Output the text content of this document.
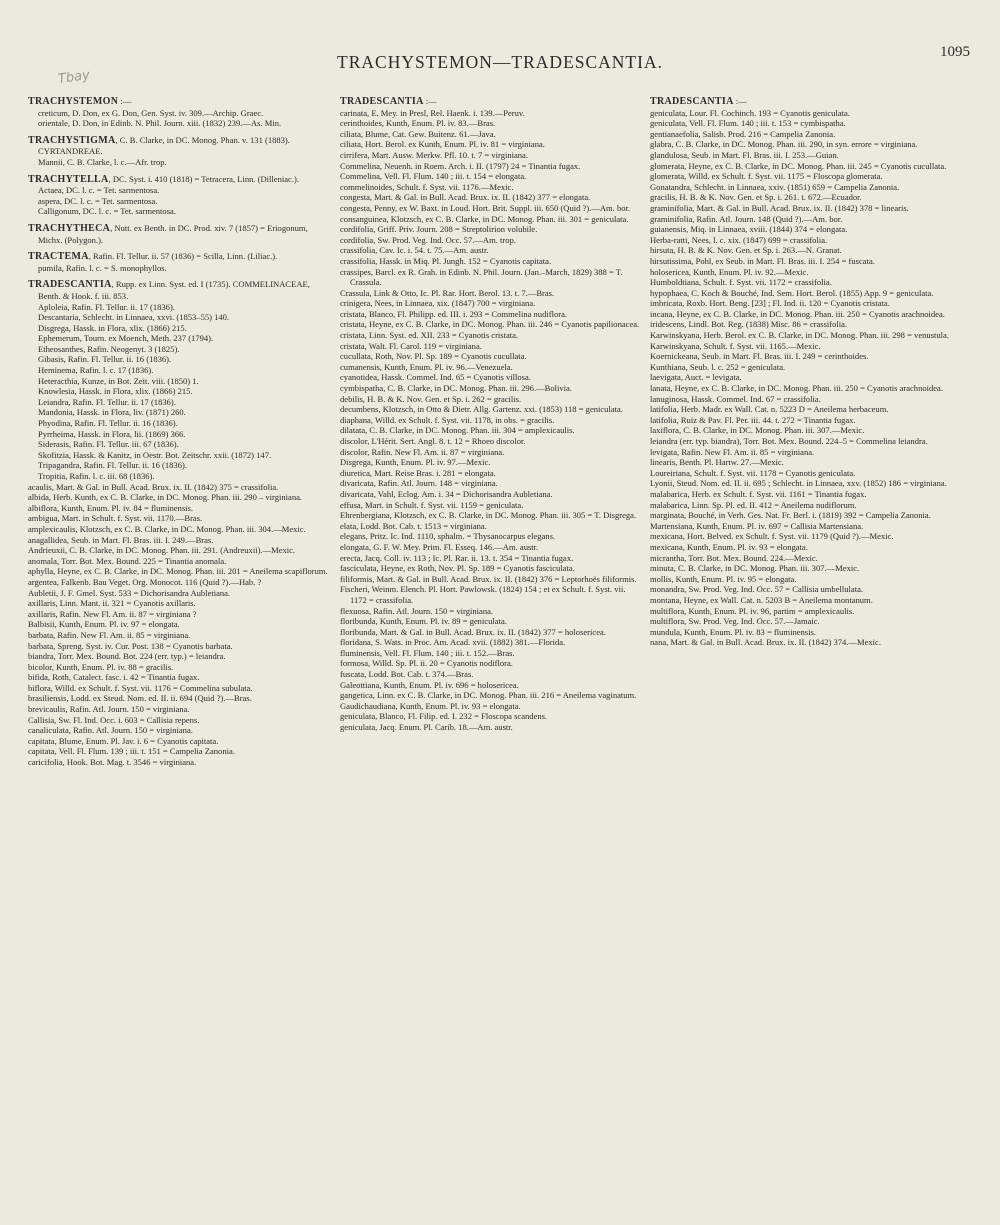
TRACHYSTEMON—TRADESCANTIA.	1095
Tbay

TRACHYSTEMON :—

creticum, D. Don, ex G. Don, Gen. Syst. iv. 309.—Archip. Graec.

orientale, D. Don, in Edinb. N. Phil. Journ. xiii. (1832) 239.—As. Min.

TRACHYSTIGMA, C. B. Clarke, in DC. Monog. Phan. v. 131 (1883). CYRTANDREAE.

Mannii, C. B. Clarke, l. c.—Afr. trop.

TRACHYTELLA, DC. Syst. i. 410 (1818) = Tetracera, Linn. (Dilleniac.).

Actaea, DC. l. c. = Tet. sarmentosa.

aspera, DC. l. c. = Tet. sarmentosa.

Calligonum, DC. l. c. = Tet. sarmentosa.

TRACHYTHECA, Nutt. ex Benth. in DC. Prod. xiv. 7 (1857) = Eriogonum, Michx. (Polygon.).

TRACTEMA, Rafin. Fl. Tellur. ii. 57 (1836) = Scilla, Linn. (Liliac.).

pumila, Rafin. l. c. = S. monophyllos.

TRADESCANTIA, Rupp. ex Linn. Syst. ed. I (1735). COMMELINACEAE, Benth. & Hook. f. iii. 853.

Aploleia, Rafin. Fl. Tellur. ii. 17 (1836).

Descantaria, Schlecht. in Linnaea, xxvi. (1853–55) 140.

Disgrega, Hassk. in Flora, xlix. (1866) 215.

Ephemerum, Tourn. ex Moench, Meth. 237 (1794).

Etheosanthes, Rafin. Neogenyt. 3 (1825).

Gibasis, Rafin. Fl. Tellur. ii. 16 (1836).

Heminema, Rafin. l. c. 17 (1836).

Heteracthia, Kunze, in Bot. Zeit. viii. (1850) 1.

Knowlesia, Hassk. in Flora, xlix. (1866) 215.

Leiandra, Rafin. Fl. Tellur. ii. 17 (1836).

Mandonia, Hassk. in Flora, liv. (1871) 260.

Phyodina, Rafin. Fl. Tellur. ii. 16 (1836).

Pyrrheima, Hassk. in Flora, lii. (1869) 366.

Siderasis, Rafin. Fl. Tellur. iii. 67 (1836).

Skofitzia, Hassk. & Kanitz, in Oestr. Bot. Zeitschr. xxii. (1872) 147.

Tripagandra, Rafin. Fl. Tellur. ii. 16 (1836).

Tropitia, Rafin. l. c. iii. 68 (1836).

acaulis, Mart. & Gal. in Bull. Acad. Brux. ix. II. (1842) 375 = crassifolia.

albida, Herb. Kunth, ex C. B. Clarke, in DC. Monog. Phan. iii. 290 – virginiana.

albiflora, Kunth, Enum. Pl. iv. 84 = fluminensis.

ambigua, Mart. in Schult. f. Syst. vii. 1170.—Bras.

amplexicaulis, Klotzsch, ex C. B. Clarke, in DC. Monog. Phan. iii. 304.—Mexic.

anagallidea, Seub. in Mart. Fl. Bras. iii. I. 249.—Bras.

Andrieuxii, C. B. Clarke, in DC. Monog. Phan. iii. 291. (Andreuxii).—Mexic.

anomala, Torr. Bot. Mex. Bound. 225 = Tinantia anomala.

aphylla, Heyne, ex C. B. Clarke, in DC. Monog. Phan. iii. 201 = Aneilema scapiflorum.

argentea, Falkenb. Bau Veget. Org. Monocot. 116 (Quid ?).—Hab. ?

Aubletii, J. F. Gmel. Syst. 533 = Dichorisandra Aubletiana.

axillaris, Linn. Mant. ii. 321 = Cyanotis axillaris.

axillaris, Rafin. New Fl. Am. ii. 87 = virginiana ?

Balbisii, Kunth, Enum. Pl. iv. 97 = elongata.

barbata, Rafin. New Fl. Am. ii. 85 = virginiana.

barbata, Spreng. Syst. iv. Cur. Post. 138 = Cyanotis barbata.

biandra, Torr. Mex. Bound. Bot. 224 (err. typ.) = leiandra.

bicolor, Kunth, Enum. Pl. iv. 88 = gracilis.

bifida, Roth, Catalect. fasc. i. 42 = Tinantia fugax.

biflora, Willd. ex Schult. f. Syst. vii. 1176 = Commelina subulata.

brasiliensis, Lodd. ex Steud. Nom. ed. II. ii. 694 (Quid ?).—Bras.

brevicaulis, Rafin. Atl. Journ. 150 = virginiana.

Callisia, Sw. Fl. Ind. Occ. i. 603 = Callisia repens.

canaliculata, Rafin. Atl. Journ. 150 = virginiana.

capitata, Blume, Enum. Pl. Jav. i. 6 = Cyanotis capitata.

capitata, Vell. Fl. Flum. 139 ; iii. t. 151 = Campelia Zanonia.

caricifolia, Hook. Bot. Mag. t. 3546 = virginiana.

TRADESCANTIA :—

carinata, E. Mey. in Presl, Rel. Haenk. i. 139.—Peruv.

cerinthoides, Kunth, Enum. Pl. iv. 83.—Bras.

ciliata, Blume, Cat. Gew. Buitenz. 61.—Java.

ciliata, Hort. Berol. ex Kunth, Enum. Pl. iv. 81 = virginiana.

cirrifera, Mart. Ausw. Merkw. Pfl. 10. t. 7 = virginiana.

Commelina, Neuenh. in Roem. Arch. i. II. (1797) 24 = Tinantia fugax.

Commelina, Vell. Fl. Flum. 140 ; iii. t. 154 = elongata.

commelinoides, Schult. f. Syst. vii. 1176.—Mexic.

congesta, Mart. & Gal. in Bull. Acad. Brux. ix. II. (1842) 377 = elongata.

congesta, Penny, ex W. Baxt. in Loud. Hort. Brit. Suppl. iii. 650 (Quid ?).—Am. bor.

consanguinea, Klotzsch, ex C. B. Clarke, in DC. Monog. Phan. iii. 301 = geniculata.

cordifolia, Griff. Priv. Journ. 208 = Streptolirion volubile.

cordifolia, Sw. Prod. Veg. Ind. Occ. 57.—Am. trop.

crassifolia, Cav. Ic. i. 54. t. 75.—Am. austr.

crassifolia, Hassk. in Miq. Pl. Jungh. 152 = Cyanotis capitata.

crassipes, Barcl. ex R. Grah. in Edinb. N. Phil. Journ. (Jan.–March, 1829) 388 = T. Crassula.

Crassula, Link & Otto, Ic. Pl. Rar. Hort. Berol. 13. t. 7.—Bras.

crinigera, Nees, in Linnaea, xix. (1847) 700 = virginiana.

cristata, Blanco, Fl. Philipp. ed. III. i. 293 = Commelina nudiflora.

cristata, Heyne, ex C. B. Clarke, in DC. Monog. Phan. iii. 246 = Cyanotis papilionacea.

cristata, Linn. Syst. ed. XII. 233 = Cyanotis cristata.

cristata, Walt. Fl. Carol. 119 = virginiana.

cucullata, Roth, Nov. Pl. Sp. 189 = Cyanotis cucullata.

cumanensis, Kunth, Enum. Pl. iv. 96.—Venezuela.

cyanotidea, Hassk. Commel. Ind. 65 = Cyanotis villosa.

cymbispatha, C. B. Clarke, in DC. Monog. Phan. iii. 296.—Bolivia.

debilis, H. B. & K. Nov. Gen. et Sp. i. 262 = gracilis.

decumbens, Klotzsch, in Otto & Dietr. Allg. Gartenz. xxi. (1853) 118 = geniculata.

diaphana, Willd. ex Schult. f. Syst. vii. 1178, in obs. = gracilis.

dilatata, C. B. Clarke, in DC. Monog. Phan. iii. 304 = amplexicaulis.

discolor, L'Hérit. Sert. Angl. 8. t. 12 = Rhoeo discolor.

discolor, Rafin. New Fl. Am. ii. 87 = virginiana.

Disgrega, Kunth, Enum. Pl. iv. 97.—Mexic.

diuretica, Mart. Reise Bras. i. 281 = elongata.

divaricata, Rafin. Atl. Journ. 148 = virginiana.

divaricata, Vahl, Eclog. Am. i. 34 = Dichorisandra Aubletiana.

effusa, Mart. in Schult. f. Syst. vii. 1159 = geniculata.

Ehrenbergiana, Klotzsch, ex C. B. Clarke, in DC. Monog. Phan. iii. 305 = T. Disgrega.

elata, Lodd. Bot. Cab. t. 1513 = virginiana.

elegans, Pritz. Ic. Ind. 1110, sphalm. = Thysanocarpus elegans.

elongata, G. F. W. Mey. Prim. Fl. Esseq. 146.—Am. austr.

erecta, Jacq. Coll. iv. 113 ; Ic. Pl. Rar. ii. 13. t. 354 = Tinantia fugax.

fasciculata, Heyne, ex Roth, Nov. Pl. Sp. 189 = Cyanotis fasciculata.

filiformis, Mart. & Gal. in Bull. Acad. Brux. ix. II. (1842) 376 = Leptorhoës filiformis.

Fischeri, Weinm. Elench. Pl. Hort. Pawlowsk. (1824) 154 ; et ex Schult. f. Syst. vii. 1172 = crassifolia.

flexuosa, Rafin. Atl. Journ. 150 = virginiana.

floribunda, Kunth, Enum. Pl. iv. 89 = geniculata.

floribunda, Mart. & Gal. in Bull. Acad. Brux. ix. II. (1842) 377 = holosericea.

floridana, S. Wats. in Proc. Am. Acad. xvii. (1882) 381.—Florida.

fluminensis, Vell. Fl. Flum. 140 ; iii. t. 152.—Bras.

formosa, Willd. Sp. Pl. ii. 20 = Cyanotis nodiflora.

fuscata, Lodd. Bot. Cab. t. 374.—Bras.

Galeottiana, Kunth, Enum. Pl. iv. 696 = holosericea.

gangetica, Linn. ex C. B. Clarke, in DC. Monog. Phan. iii. 216 = Aneilema vaginatum.

Gaudichaudiana, Kunth, Enum. Pl. iv. 93 = elongata.

geniculata, Blanco, Fl. Filip. ed. I. 232 = Floscopa scandens.

geniculata, Jacq. Enum. Pl. Carib. 18.—Am. austr.

TRADESCANTIA :—

geniculata, Lour. Fl. Cochinch. 193 = Cyanotis geniculata.

geniculata, Vell. Fl. Flum. 140 ; iii. t. 153 = cymbispatha.

gentianaefolia, Salisb. Prod. 216 = Campelia Zanonia.

glabra, C. B. Clarke, in DC. Monog. Phan. iii. 290, in syn. errore = virginiana.

glandulosa, Seub. in Mart. Fl. Bras. iii. I. 253.—Guian.

glomerata, Heyne, ex C. B. Clarke, in DC. Monog. Phan. iii. 245 = Cyanotis cucullata.

glomerata, Willd. ex Schult. f. Syst. vii. 1175 = Floscopa glomerata.

Gonatandra, Schlecht. in Linnaea, xxiv. (1851) 659 = Campelia Zanonia.

gracilis, H. B. & K. Nov. Gen. et Sp. i. 261. t. 672.—Ecuador.

graminifolia, Mart. & Gal. in Bull. Acad. Brux. ix. II. (1842) 378 = linearis.

graminifolia, Rafin. Atl. Journ. 148 (Quid ?).—Am. bor.

guianensis, Miq. in Linnaea, xviii. (1844) 374 = elongata.

Herba-ratti, Nees, l. c. xix. (1847) 699 = crassifolia.

hirsuta, H. B. & K. Nov. Gen. et Sp. i. 263.—N. Granat.

hirsutissima, Pohl, ex Seub. in Mart. Fl. Bras. iii. I. 254 = fuscata.

holosericea, Kunth, Enum. Pl. iv. 92.—Mexic.

Humboldtiana, Schult. f. Syst. vii. 1172 = crassifolia.

hypophaea, C. Koch & Bouché, Ind. Sem. Hort. Berol. (1855) App. 9 = geniculata.

imbricata, Roxb. Hort. Beng. [23] ; Fl. Ind. ii. 120 = Cyanotis cristata.

incana, Heyne, ex C. B. Clarke, in DC. Monog. Phan. iii. 250 = Cyanotis arachnoidea.

iridescens, Lindl. Bot. Reg. (1838) Misc. 86 = crassifolia.

Karwinskyana, Herb. Berol. ex C. B. Clarke, in DC. Monog. Phan. iii. 298 = venustula.

Karwinskyana, Schult. f. Syst. vii. 1165.—Mexic.

Koernickeana, Seub. in Mart. Fl. Bras. iii. I. 249 = cerinthoides.

Kunthiana, Seub. l. c. 252 = geniculata.

laevigata, Auct. = levigata.

lanata, Heyne, ex C. B. Clarke, in DC. Monog. Phan. iii. 250 = Cyanotis arachnoidea.

lanuginosa, Hassk. Commel. Ind. 67 = crassifolia.

latifolia, Herb. Madr. ex Wall. Cat. n. 5223 D = Aneilema herbaceum.

latifolia, Ruiz & Pav. Fl. Per. iii. 44. t. 272 = Tinantia fugax.

laxiflora, C. B. Clarke, in DC. Monog. Phan. iii. 307.—Mexic.

leiandra (err. typ. biandra), Torr. Bot. Mex. Bound. 224–5 = Commelina leiandra.

levigata, Rafin. New Fl. Am. ii. 85 = virginiana.

linearis, Benth. Pl. Hartw. 27.—Mexic.

Loureiriana, Schult. f. Syst. vii. 1178 = Cyanotis geniculata.

Lyonii, Steud. Nom. ed. II. ii. 695 ; Schlecht. in Linnaea, xxv. (1852) 186 = virginiana.

malabarica, Herb. ex Schult. f. Syst. vii. 1161 = Tinantia fugax.

malabarica, Linn. Sp. Pl. ed. II. 412 = Aneilema nudiflorum.

marginata, Bouché, in Verh. Ges. Nat. Fr. Berl. i. (1819) 392 = Campelia Zanonia.

Martensiana, Kunth, Enum. Pl. iv. 697 = Callisia Martensiana.

mexicana, Hort. Belved. ex Schult. f. Syst. vii. 1179 (Quid ?).—Mexic.

mexicana, Kunth, Enum. Pl. iv. 93 = elongata.

micrantha, Torr. Bot. Mex. Bound. 224.—Mexic.

minuta, C. B. Clarke, in DC. Monog. Phan. iii. 307.—Mexic.

mollis, Kunth, Enum. Pl. iv. 95 = elongata.

monandra, Sw. Prod. Veg. Ind. Occ. 57 = Callisia umbellulata.

montana, Heyne, ex Wall. Cat. n. 5203 B = Aneilema montanum.

multiflora, Kunth, Enum. Pl. iv. 96, partim = amplexicaulis.

multiflora, Sw. Prod. Veg. Ind. Occ. 57.—Jamaic.

mundula, Kunth, Enum. Pl. iv. 83 = fluminensis.

nana, Mart. & Gal. in Bull. Acad. Brux. ix. II. (1842) 374.—Mexic.
